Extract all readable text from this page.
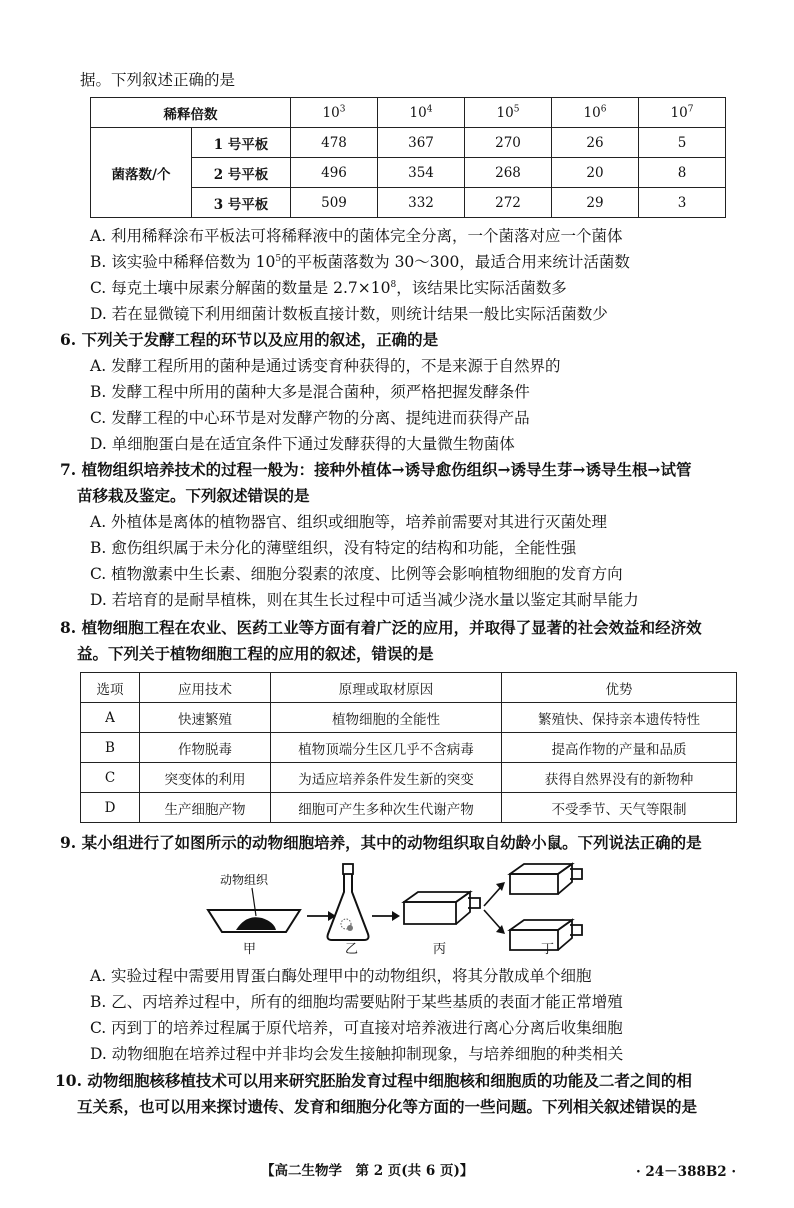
据。下列叙述正确的是
稀释倍数		$10^3$	$10^4$	$10^5$	$10^6$	$10^7$
菌落数/个	1 号平板	478	367	270	26	5
	2 号平板	496	354	268	20	8
	3 号平板	509	332	272	29	3
A. 利用稀释涂布平板法可将稀释液中的菌体完全分离，一个菌落对应一个菌体
B. 该实验中稀释倍数为 $10^5$的平板菌落数为 30～300，最适合用来统计活菌数
C. 每克土壤中尿素分解菌的数量是 $2.7\times 10^8$，该结果比实际活菌数多
D. 若在显微镜下利用细菌计数板直接计数，则统计结果一般比实际活菌数少
6. 下列关于发酵工程的环节以及应用的叙述，正确的是
A. 发酵工程所用的菌种是通过诱变育种获得的，不是来源于自然界的
B. 发酵工程中所用的菌种大多是混合菌种，须严格把握发酵条件
C. 发酵工程的中心环节是对发酵产物的分离、提纯进而获得产品
D. 单细胞蛋白是在适宜条件下通过发酵获得的大量微生物菌体
7. 植物组织培养技术的过程一般为：接种外植体→诱导愈伤组织→诱导生芽→诱导生根→试管
苗移栽及鉴定。下列叙述错误的是
A. 外植体是离体的植物器官、组织或细胞等，培养前需要对其进行灭菌处理
B. 愈伤组织属于未分化的薄壁组织，没有特定的结构和功能，全能性强
C. 植物激素中生长素、细胞分裂素的浓度、比例等会影响植物细胞的发育方向
D. 若培育的是耐旱植株，则在其生长过程中可适当减少浇水量以鉴定其耐旱能力
8. 植物细胞工程在农业、医药工业等方面有着广泛的应用，并取得了显著的社会效益和经济效
益。下列关于植物细胞工程的应用的叙述，错误的是
选项	应用技术	原理或取材原因	优势
A	快速繁殖	植物细胞的全能性	繁殖快、保持亲本遗传特性
B	作物脱毒	植物顶端分生区几乎不含病毒	提高作物的产量和品质
C	突变体的利用	为适应培养条件发生新的突变	获得自然界没有的新物种
D	生产细胞产物	细胞可产生多种次生代谢产物	不受季节、天气等限制
9. 某小组进行了如图所示的动物细胞培养，其中的动物组织取自幼龄小鼠。下列说法正确的是
动物组织
甲	乙	丙	丁
A. 实验过程中需要用胃蛋白酶处理甲中的动物组织，将其分散成单个细胞
B. 乙、丙培养过程中，所有的细胞均需要贴附于某些基质的表面才能正常增殖
C. 丙到丁的培养过程属于原代培养，可直接对培养液进行离心分离后收集细胞
D. 动物细胞在培养过程中并非均会发生接触抑制现象，与培养细胞的种类相关
10. 动物细胞核移植技术可以用来研究胚胎发育过程中细胞核和细胞质的功能及二者之间的相
互关系，也可以用来探讨遗传、发育和细胞分化等方面的一些问题。下列相关叙述错误的是
【高二生物学　第 2 页(共 6 页)】	· 24－388B2 ·
